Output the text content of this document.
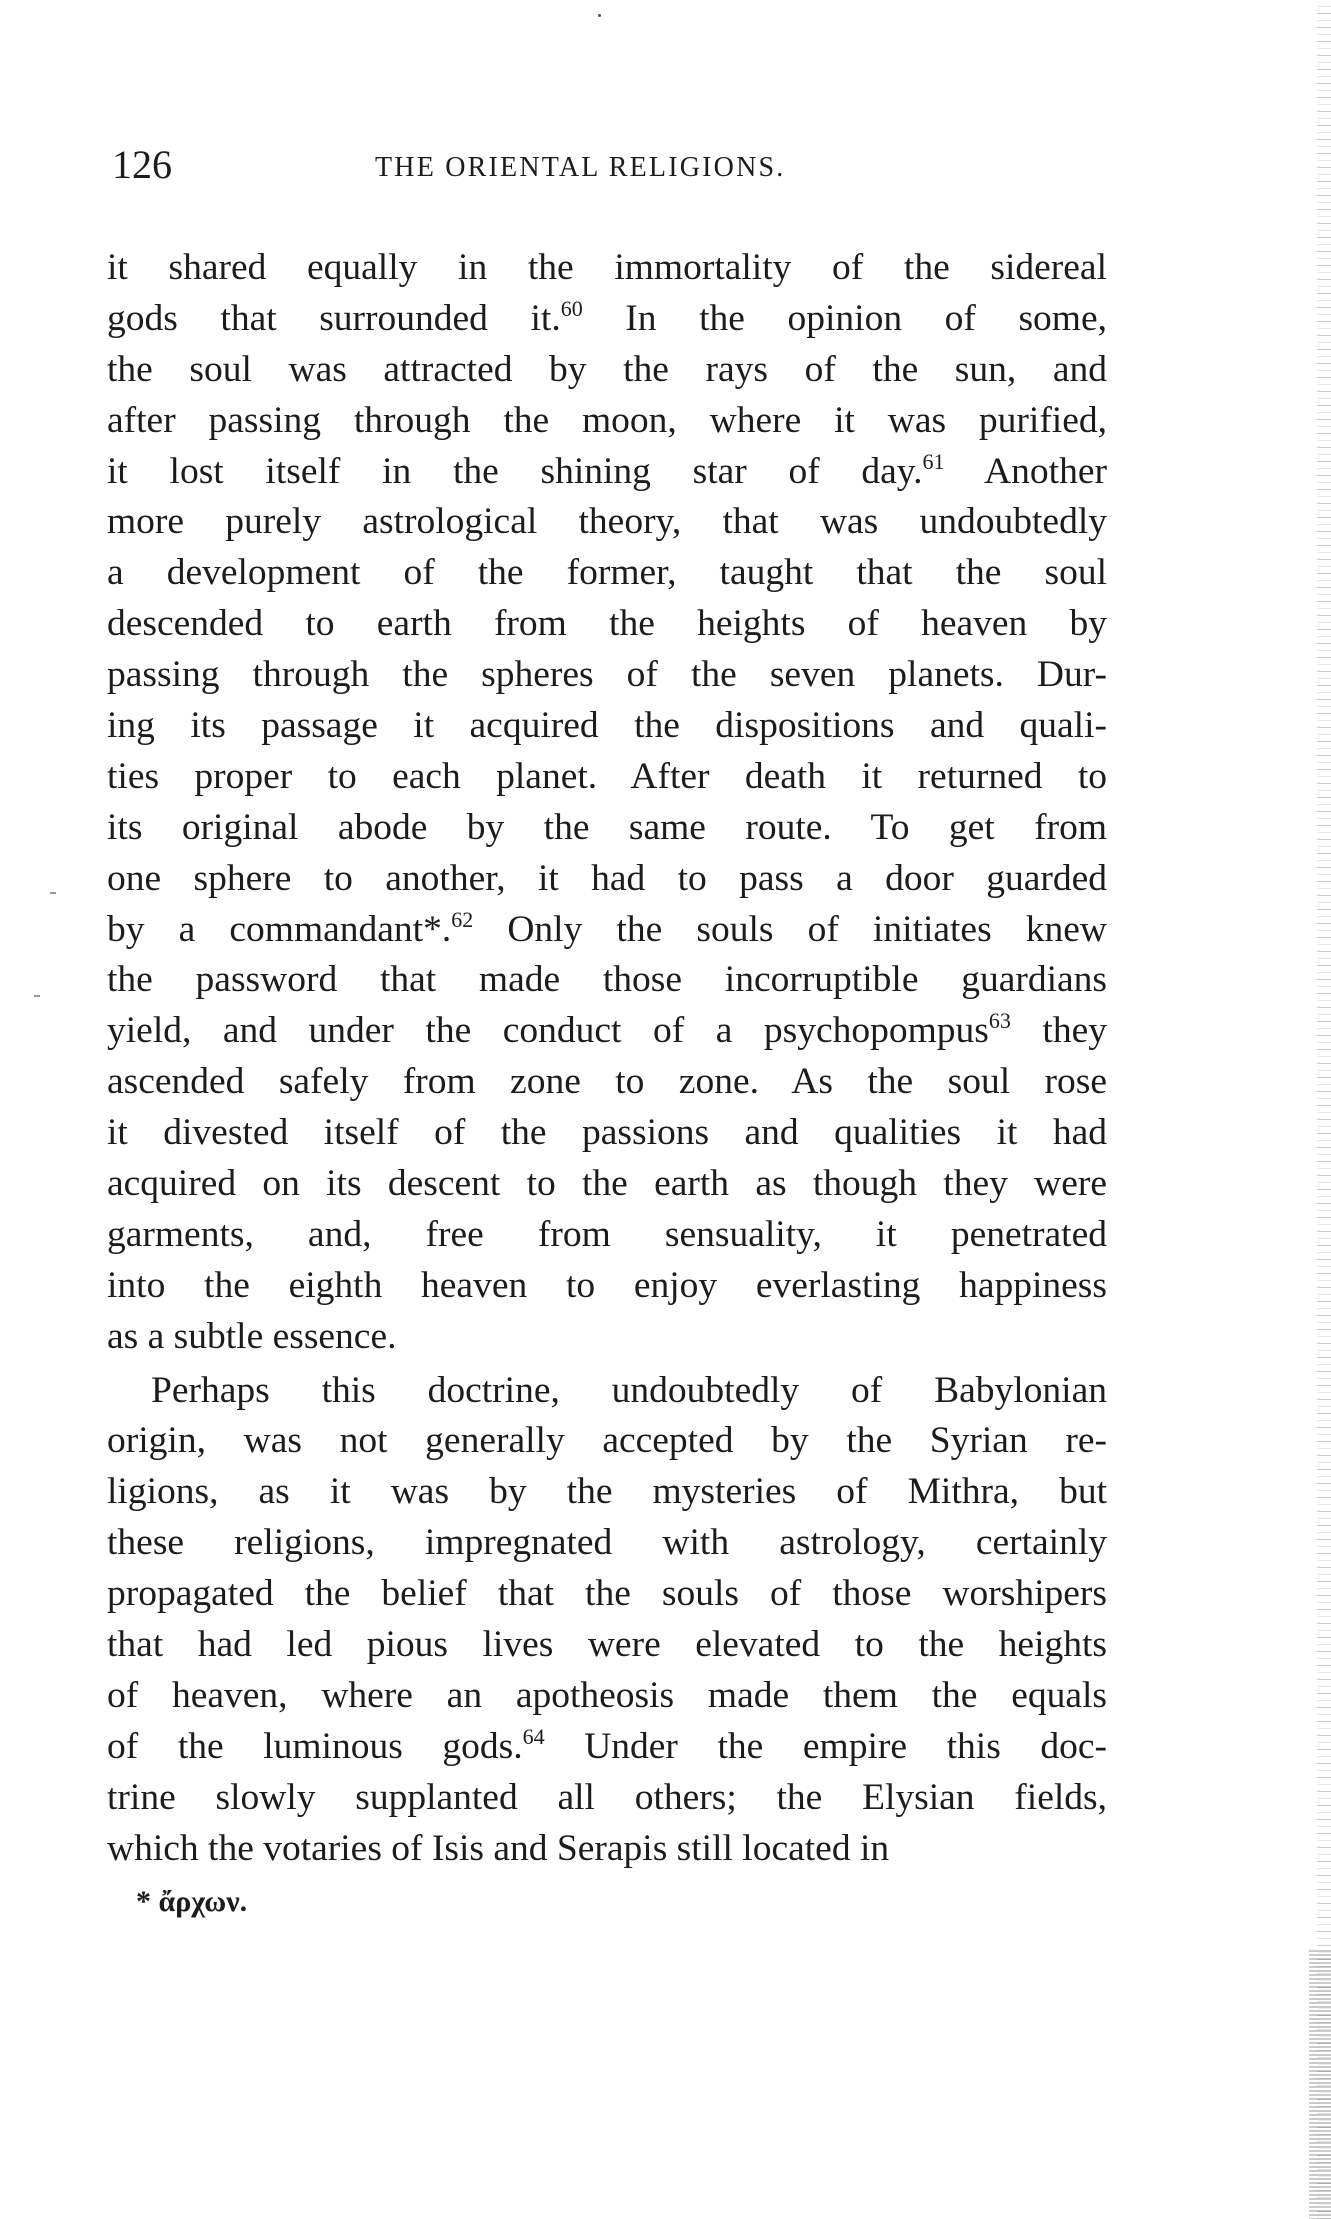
126	THE ORIENTAL RELIGIONS.
it shared equally in the immortality of the sidereal
gods that surrounded it.$^{60}$ In the opinion of some,
the soul was attracted by the rays of the sun, and
after passing through the moon, where it was purified,
it lost itself in the shining star of day.$^{61}$ Another
more purely astrological theory, that was undoubtedly
a development of the former, taught that the soul
descended to earth from the heights of heaven by
passing through the spheres of the seven planets. Dur-
ing its passage it acquired the dispositions and quali-
ties proper to each planet. After death it returned to
its original abode by the same route. To get from
one sphere to another, it had to pass a door guarded
by a commandant*.$^{62}$ Only the souls of initiates knew
the password that made those incorruptible guardians
yield, and under the conduct of a psychopompus$^{63}$ they
ascended safely from zone to zone. As the soul rose
it divested itself of the passions and qualities it had
acquired on its descent to the earth as though they were
garments, and, free from sensuality, it penetrated
into the eighth heaven to enjoy everlasting happiness
as a subtle essence.
Perhaps this doctrine, undoubtedly of Babylonian
origin, was not generally accepted by the Syrian re-
ligions, as it was by the mysteries of Mithra, but
these religions, impregnated with astrology, certainly
propagated the belief that the souls of those worshipers
that had led pious lives were elevated to the heights
of heaven, where an apotheosis made them the equals
of the luminous gods.$^{64}$ Under the empire this doc-
trine slowly supplanted all others; the Elysian fields,
which the votaries of Isis and Serapis still located in
* ἄρχων.
